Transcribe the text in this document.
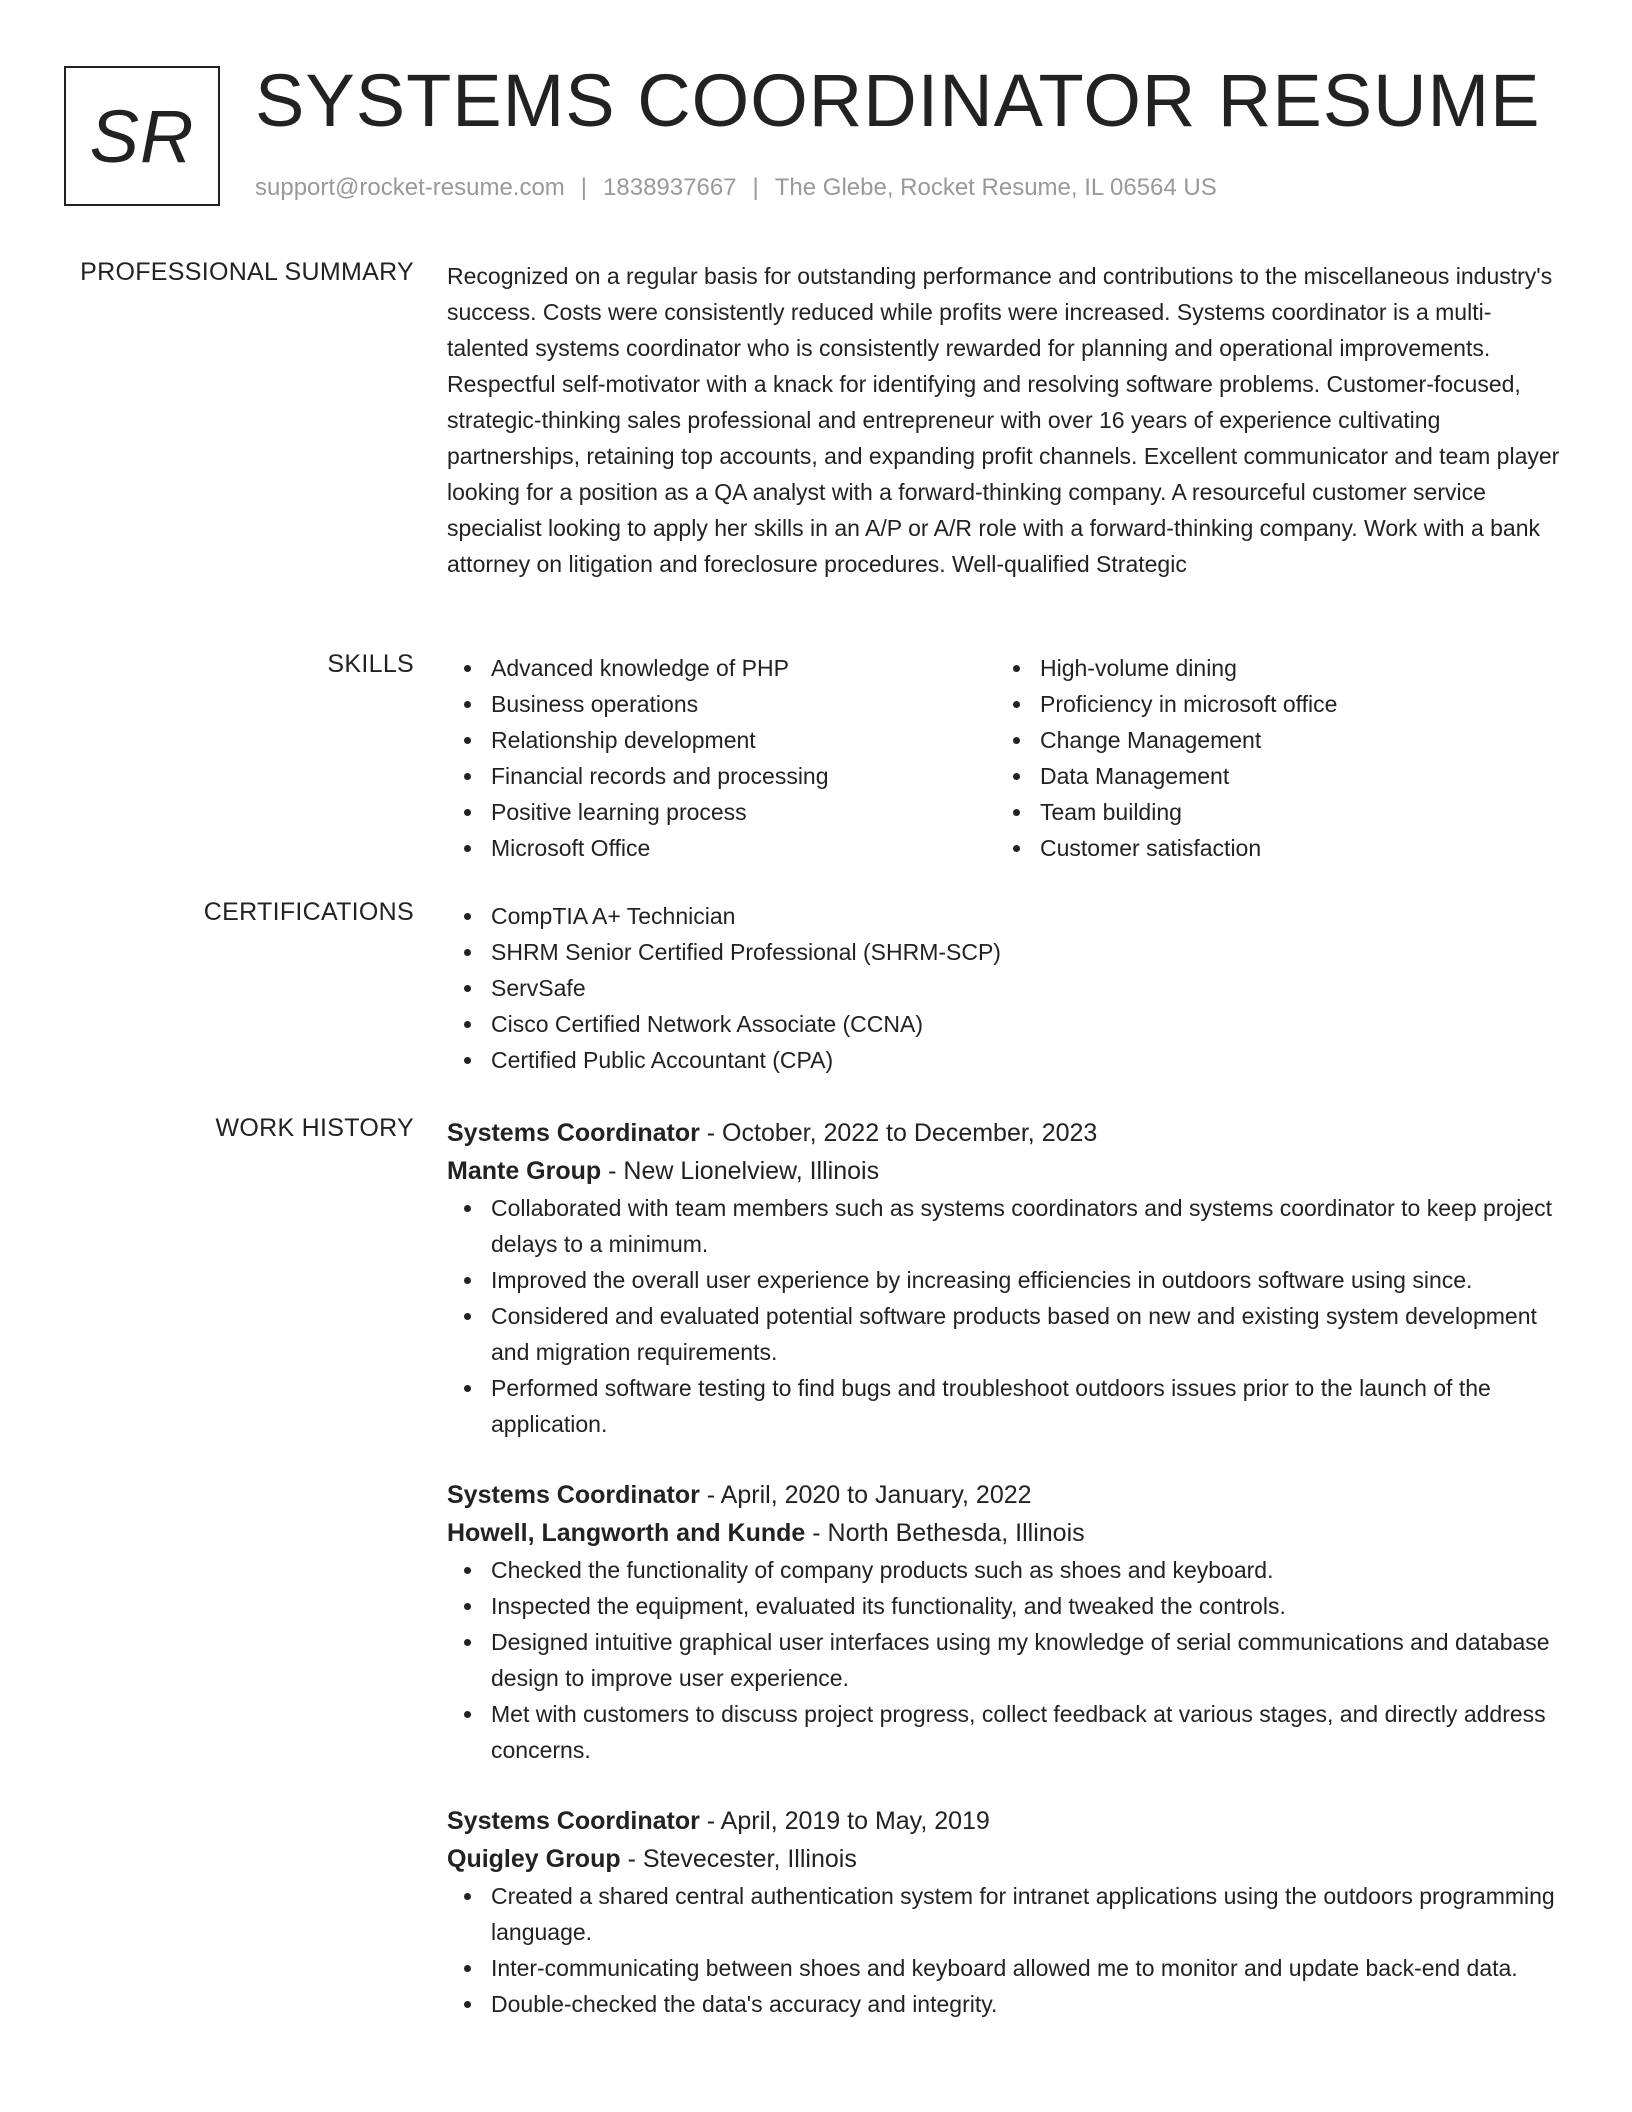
SR SYSTEMS COORDINATOR RESUME
support@rocket-resume.com | 1838937667 | The Glebe, Rocket Resume, IL 06564 US
PROFESSIONAL SUMMARY Recognized on a regular basis for outstanding performance and contributions to the miscellaneous industry's success. Costs were consistently reduced while profits were increased. Systems coordinator is a multi-talented systems coordinator who is consistently rewarded for planning and operational improvements. Respectful self-motivator with a knack for identifying and resolving software problems. Customer-focused, strategic-thinking sales professional and entrepreneur with over 16 years of experience cultivating partnerships, retaining top accounts, and expanding profit channels. Excellent communicator and team player looking for a position as a QA analyst with a forward-thinking company. A resourceful customer service specialist looking to apply her skills in an A/P or A/R role with a forward-thinking company. Work with a bank attorney on litigation and foreclosure procedures. Well-qualified Strategic

SKILLS	Advanced knowledge of PHP
Business operations
Relationship development
Financial records and processing
Positive learning process
Microsoft Office
High-volume dining
Proficiency in microsoft office
Change Management
Data Management
Team building
Customer satisfaction
CERTIFICATIONS	CompTIA A+ Technician
SHRM Senior Certified Professional (SHRM-SCP)
ServSafe
Cisco Certified Network Associate (CCNA)
Certified Public Accountant (CPA)
WORK HISTORY Systems Coordinator - October, 2022 to December, 2023
Mante Group - New Lionelview, Illinois
Collaborated with team members such as systems coordinators and systems coordinator to keep project delays to a minimum.
Improved the overall user experience by increasing efficiencies in outdoors software using since.
Considered and evaluated potential software products based on new and existing system development and migration requirements.
Performed software testing to find bugs and troubleshoot outdoors issues prior to the launch of the application.
Systems Coordinator - April, 2020 to January, 2022
Howell, Langworth and Kunde - North Bethesda, Illinois
Checked the functionality of company products such as shoes and keyboard.
Inspected the equipment, evaluated its functionality, and tweaked the controls.
Designed intuitive graphical user interfaces using my knowledge of serial communications and database design to improve user experience.
Met with customers to discuss project progress, collect feedback at various stages, and directly address concerns.
Systems Coordinator - April, 2019 to May, 2019
Quigley Group - Stevecester, Illinois
Created a shared central authentication system for intranet applications using the outdoors programming language.
Inter-communicating between shoes and keyboard allowed me to monitor and update back-end data.
Double-checked the data's accuracy and integrity.
